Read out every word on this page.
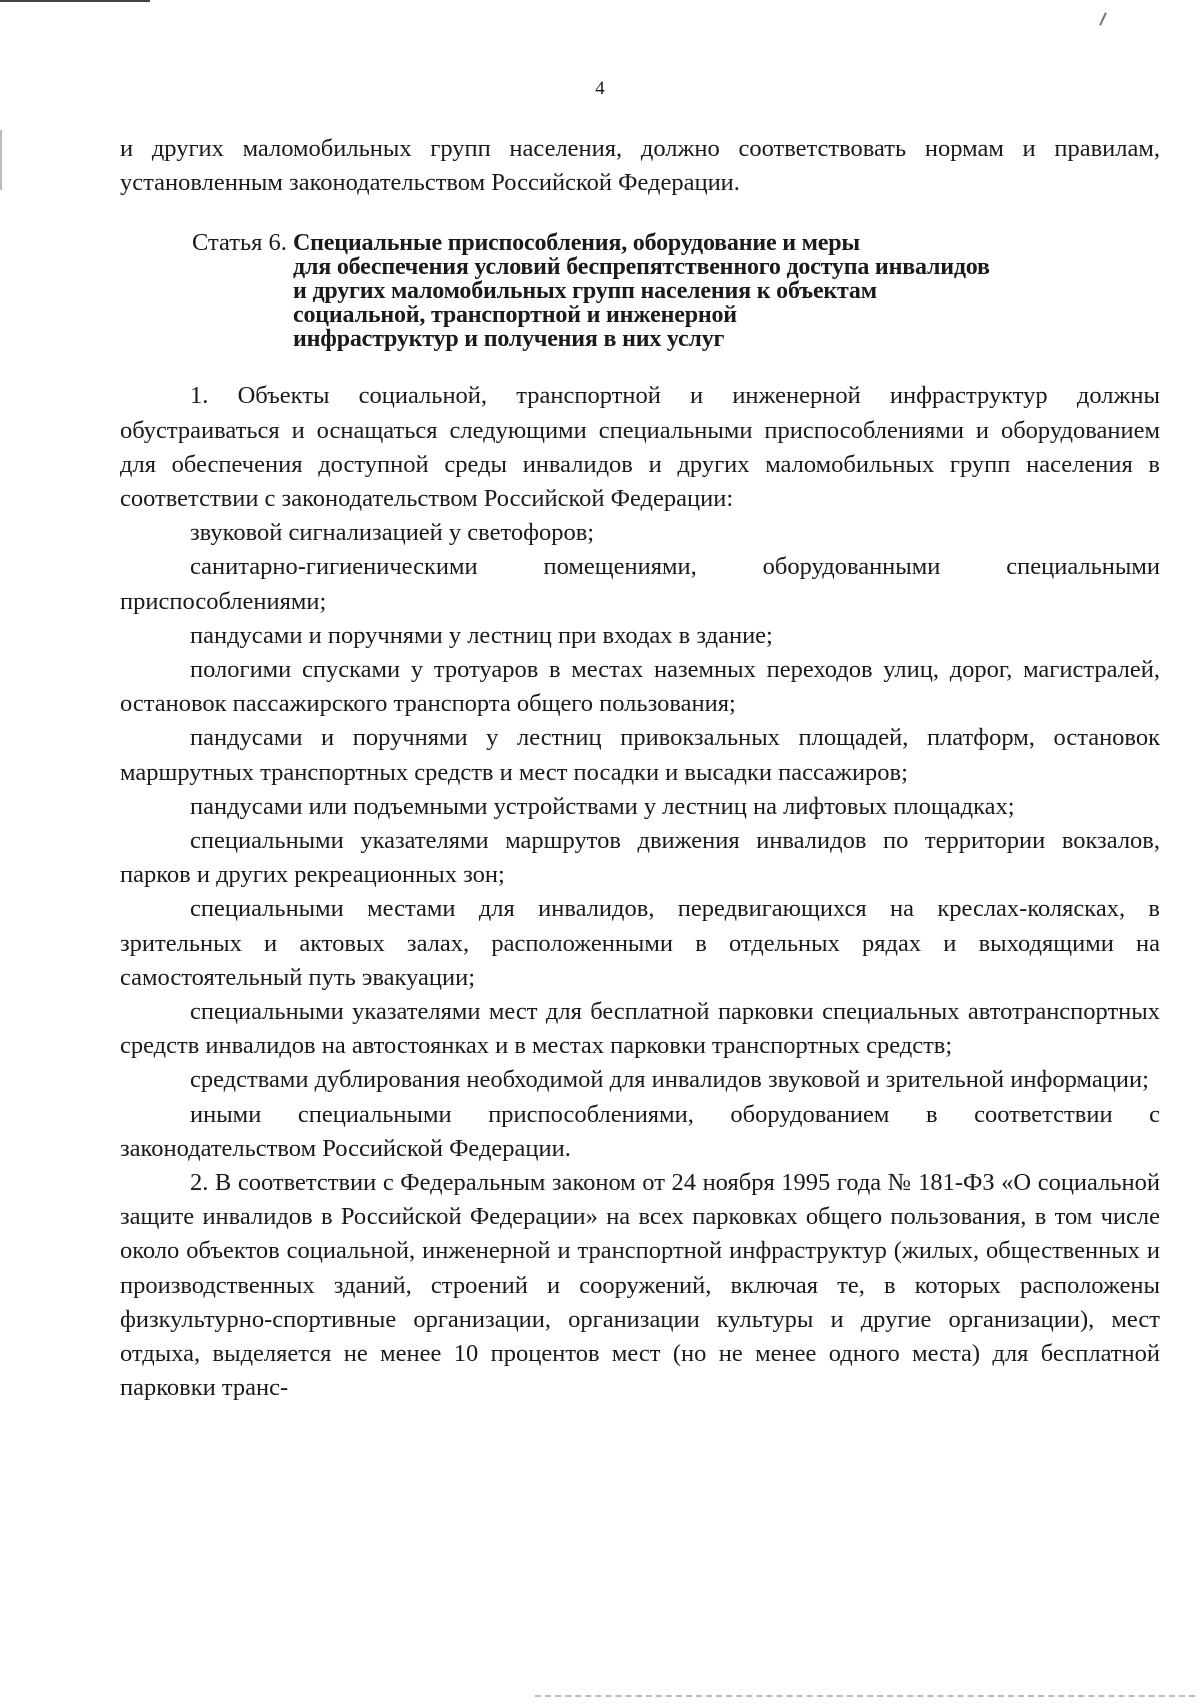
4

и других маломобильных групп населения, должно соответствовать нормам и правилам, установленным законодательством Российской Федерации.

Статья 6. Специальные приспособления, оборудование и меры
для обеспечения условий беспрепятственного доступа инвалидов
и других маломобильных групп населения к объектам
социальной, транспортной и инженерной
инфраструктур и получения в них услуг

1. Объекты социальной, транспортной и инженерной инфраструктур должны обустраиваться и оснащаться следующими специальными приспособлениями и оборудованием для обеспечения доступной среды инвалидов и других маломобильных групп населения в соответствии с законодательством Российской Федерации:

звуковой сигнализацией у светофоров;

санитарно-гигиеническими помещениями, оборудованными специальными приспособлениями;

пандусами и поручнями у лестниц при входах в здание;

пологими спусками у тротуаров в местах наземных переходов улиц, дорог, магистралей, остановок пассажирского транспорта общего пользования;

пандусами и поручнями у лестниц привокзальных площадей, платформ, остановок маршрутных транспортных средств и мест посадки и высадки пассажиров;

пандусами или подъемными устройствами у лестниц на лифтовых площадках;

специальными указателями маршрутов движения инвалидов по территории вокзалов, парков и других рекреационных зон;

специальными местами для инвалидов, передвигающихся на креслах-колясках, в зрительных и актовых залах, расположенными в отдельных рядах и выходящими на самостоятельный путь эвакуации;

специальными указателями мест для бесплатной парковки специальных автотранспортных средств инвалидов на автостоянках и в местах парковки транспортных средств;

средствами дублирования необходимой для инвалидов звуковой и зрительной информации;

иными специальными приспособлениями, оборудованием в соответствии с законодательством Российской Федерации.

2. В соответствии с Федеральным законом от 24 ноября 1995 года № 181-ФЗ «О социальной защите инвалидов в Российской Федерации» на всех парковках общего пользования, в том числе около объектов социальной, инженерной и транспортной инфраструктур (жилых, общественных и производственных зданий, строений и сооружений, включая те, в которых расположены физкультурно-спортивные организации, организации культуры и другие организации), мест отдыха, выделяется не менее 10 процентов мест (но не менее одного места) для бесплатной парковки транс-
